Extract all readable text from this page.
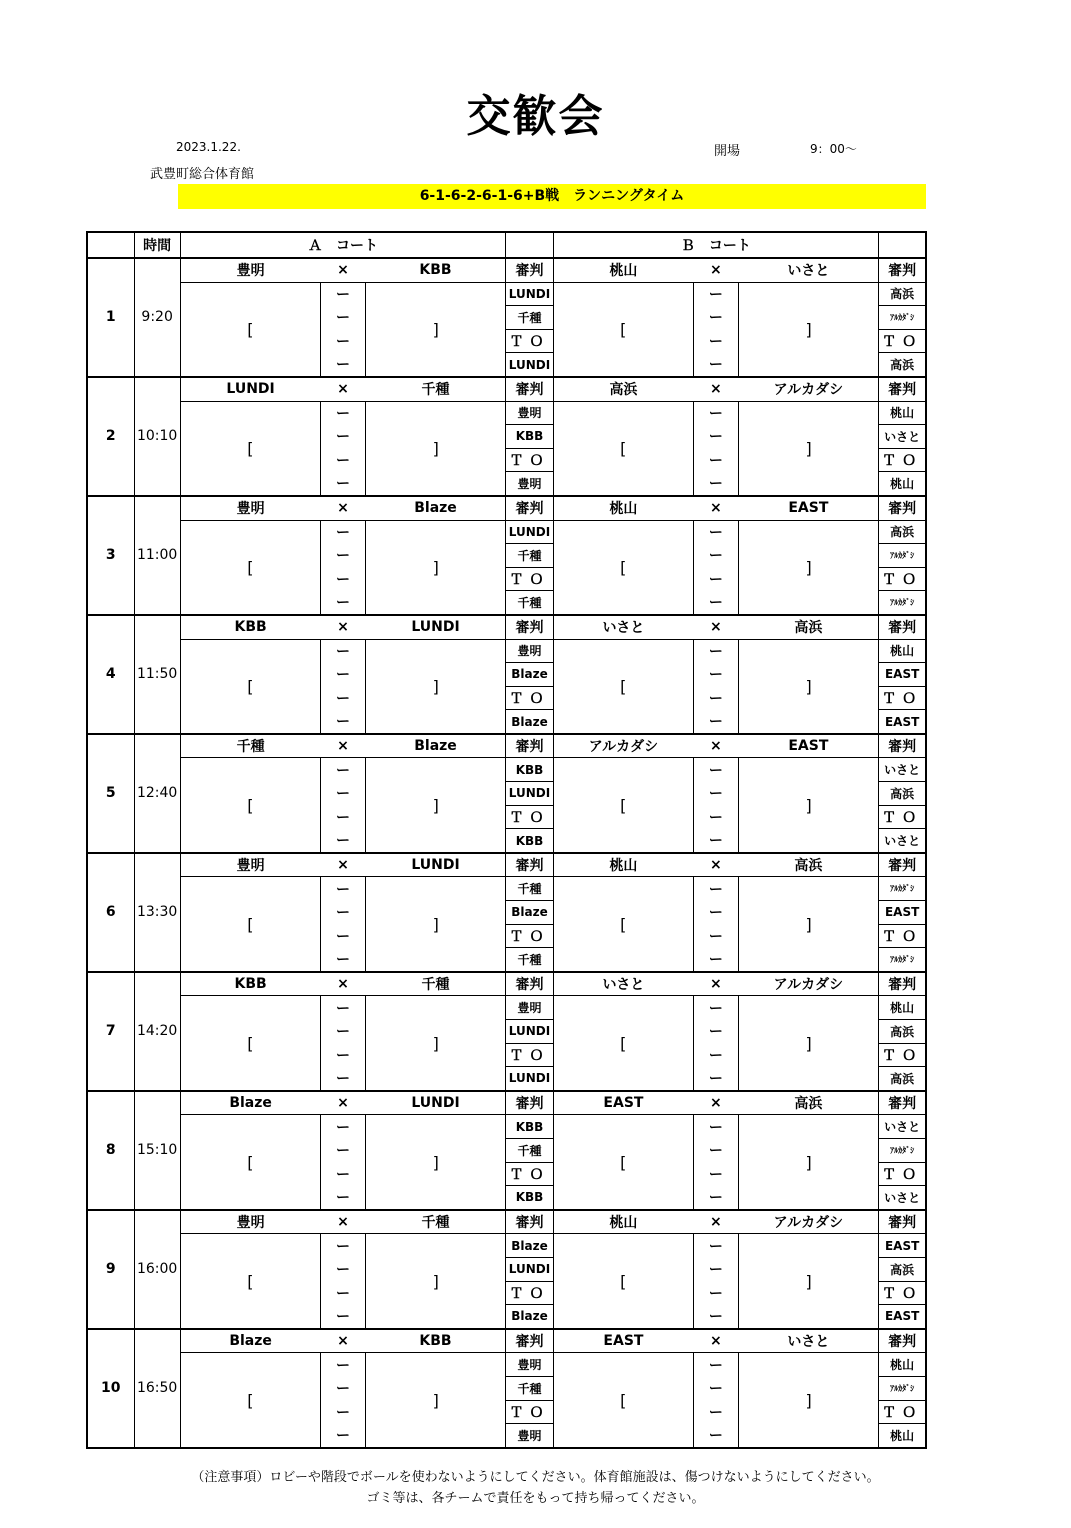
交歓会
2023.1.22.
武豊町総合体育館
開場	9：00～
6-1-6-2-6-1-6+B戦　ランニングタイム
	時間	Ａ　コート				Ｂ　コート			
1	9:20	豊明	×	KBB	審判	桃山	×	いさと	審判
		[	ー	]	LUNDI	[	ー	]	高浜
			ー		千種		ー		ｱﾙｶﾀﾞｼ
			ー		ＴＯ		ー		ＴＯ
			ー		LUNDI		ー		高浜
2	10:10	LUNDI	×	千種	審判	高浜	×	アルカダシ	審判
		[	ー	]	豊明	[	ー	]	桃山
			ー		KBB		ー		いさと
			ー		ＴＯ		ー		ＴＯ
			ー		豊明		ー		桃山
3	11:00	豊明	×	Blaze	審判	桃山	×	EAST	審判
		[	ー	]	LUNDI	[	ー	]	高浜
			ー		千種		ー		ｱﾙｶﾀﾞｼ
			ー		ＴＯ		ー		ＴＯ
			ー		千種		ー		ｱﾙｶﾀﾞｼ
4	11:50	KBB	×	LUNDI	審判	いさと	×	高浜	審判
		[	ー	]	豊明	[	ー	]	桃山
			ー		Blaze		ー		EAST
			ー		ＴＯ		ー		ＴＯ
			ー		Blaze		ー		EAST
5	12:40	千種	×	Blaze	審判	アルカダシ	×	EAST	審判
		[	ー	]	KBB	[	ー	]	いさと
			ー		LUNDI		ー		高浜
			ー		ＴＯ		ー		ＴＯ
			ー		KBB		ー		いさと
6	13:30	豊明	×	LUNDI	審判	桃山	×	高浜	審判
		[	ー	]	千種	[	ー	]	ｱﾙｶﾀﾞｼ
			ー		Blaze		ー		EAST
			ー		ＴＯ		ー		ＴＯ
			ー		千種		ー		ｱﾙｶﾀﾞｼ
7	14:20	KBB	×	千種	審判	いさと	×	アルカダシ	審判
		[	ー	]	豊明	[	ー	]	桃山
			ー		LUNDI		ー		高浜
			ー		ＴＯ		ー		ＴＯ
			ー		LUNDI		ー		高浜
8	15:10	Blaze	×	LUNDI	審判	EAST	×	高浜	審判
		[	ー	]	KBB	[	ー	]	いさと
			ー		千種		ー		ｱﾙｶﾀﾞｼ
			ー		ＴＯ		ー		ＴＯ
			ー		KBB		ー		いさと
9	16:00	豊明	×	千種	審判	桃山	×	アルカダシ	審判
		[	ー	]	Blaze	[	ー	]	EAST
			ー		LUNDI		ー		高浜
			ー		ＴＯ		ー		ＴＯ
			ー		Blaze		ー		EAST
10	16:50	Blaze	×	KBB	審判	EAST	×	いさと	審判
		[	ー	]	豊明	[	ー	]	桃山
			ー		千種		ー		ｱﾙｶﾀﾞｼ
			ー		ＴＯ		ー		ＴＯ
			ー		豊明		ー		桃山
（注意事項）ロビーや階段でボールを使わないようにしてください。体育館施設は、傷つけないようにしてください。
ゴミ等は、各チームで責任をもって持ち帰ってください。
